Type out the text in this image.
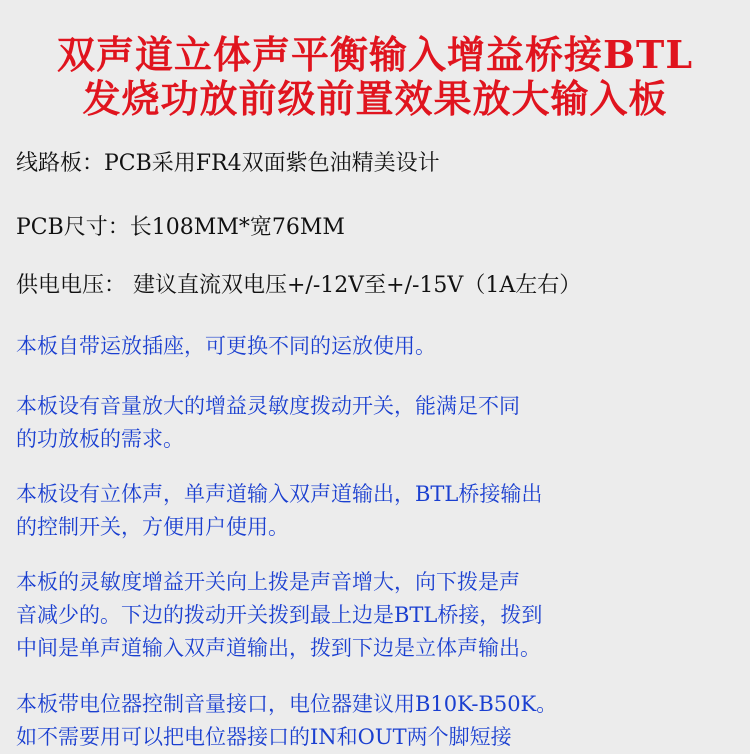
双声道立体声平衡输入增益桥接BTL
发烧功放前级前置效果放大输入板
线路板：PCB采用FR4双面紫色油精美设计
PCB尺寸：长108MM*宽76MM
供电电压： 建议直流双电压+/-12V至+/-15V（1A左右）
本板自带运放插座，可更换不同的运放使用。
本板设有音量放大的增益灵敏度拨动开关，能满足不同
的功放板的需求。
本板设有立体声，单声道输入双声道输出，BTL桥接输出
的控制开关，方便用户使用。
本板的灵敏度增益开关向上拨是声音增大，向下拨是声
音减少的。下边的拨动开关拨到最上边是BTL桥接，拨到
中间是单声道输入双声道输出，拨到下边是立体声输出。
本板带电位器控制音量接口，电位器建议用B10K-B50K。
如不需要用可以把电位器接口的IN和OUT两个脚短接
